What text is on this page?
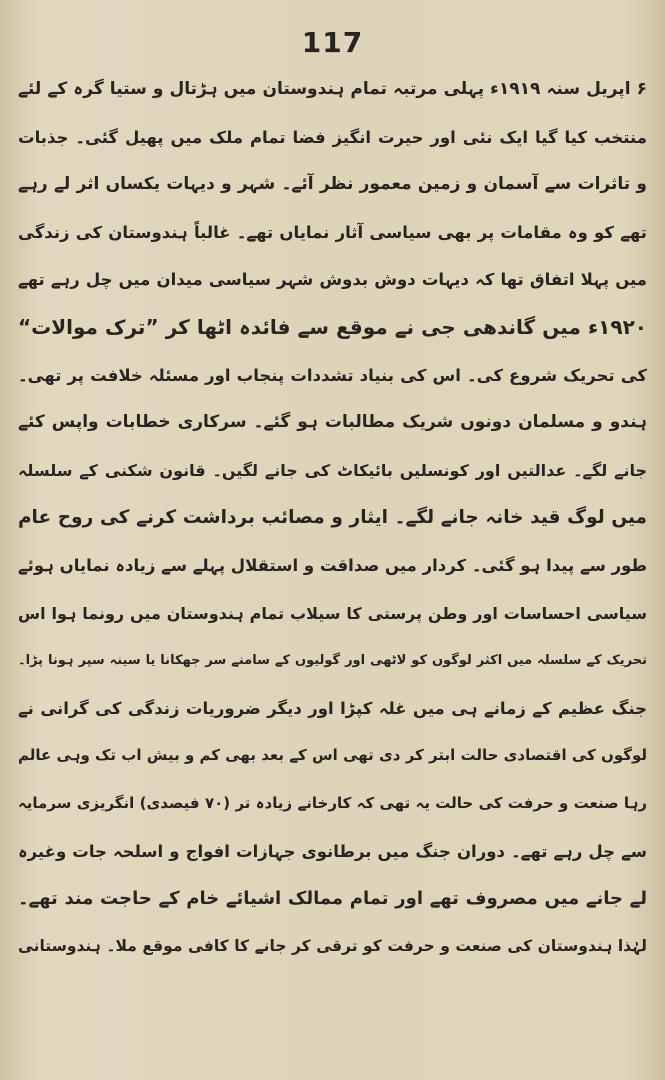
117
۶ اپریل سنہ ۱۹۱۹ء پہلی مرتبہ تمام ہندوستان میں ہڑتال و ستیا گرہ کے لئے
منتخب کیا گیا ایک نئی اور حیرت انگیز فضا تمام ملک میں پھیل گئی۔ جذبات
و تاثرات سے آسمان و زمین معمور نظر آئے۔ شہر و دیہات یکساں اثر لے رہے
تھے کو وہ مقامات پر بھی سیاسی آثار نمایاں تھے۔ غالباً ہندوستان کی زندگی
میں پہلا اتفاق تھا کہ دیہات دوش بدوش شہر سیاسی میدان میں چل رہے تھے
۱۹۲۰ء میں گاندھی جی نے موقع سے فائدہ اٹھا کر ”ترک موالات“
کی تحریک شروع کی۔ اس کی بنیاد تشددات پنجاب اور مسئلہ خلافت پر تھی۔
ہندو و مسلمان دونوں شریک مطالبات ہو گئے۔ سرکاری خطابات واپس کئے
جانے لگے۔ عدالتیں اور کونسلیں بائیکاٹ کی جانے لگیں۔ قانون شکنی کے سلسلہ
میں لوگ قید خانہ جانے لگے۔ ایثار و مصائب برداشت کرنے کی روح عام
طور سے پیدا ہو گئی۔ کردار میں صداقت و استقلال پہلے سے زیادہ نمایاں ہوئے
سیاسی احساسات اور وطن پرستی کا سیلاب تمام ہندوستان میں رونما ہوا اس
تحریک کے سلسلہ میں اکثر لوگوں کو لاٹھی اور گولیوں کے سامنے سر جھکانا یا سینہ سپر ہونا پڑا۔
جنگ عظیم کے زمانے ہی میں غلہ کپڑا اور دیگر ضروریات زندگی کی گرانی نے
لوگوں کی اقتصادی حالت ابتر کر دی تھی اس کے بعد بھی کم و بیش اب تک وہی عالم
رہا صنعت و حرفت کی حالت یہ تھی کہ کارخانے زیادہ تر (۷۰ فیصدی) انگریزی سرمایہ
سے چل رہے تھے۔ دوران جنگ میں برطانوی جہازات افواج و اسلحہ جات وغیرہ
لے جانے میں مصروف تھے اور تمام ممالک اشیائے خام کے حاجت مند تھے۔
لہٰذا ہندوستان کی صنعت و حرفت کو ترقی کر جانے کا کافی موقع ملا۔ ہندوستانی
